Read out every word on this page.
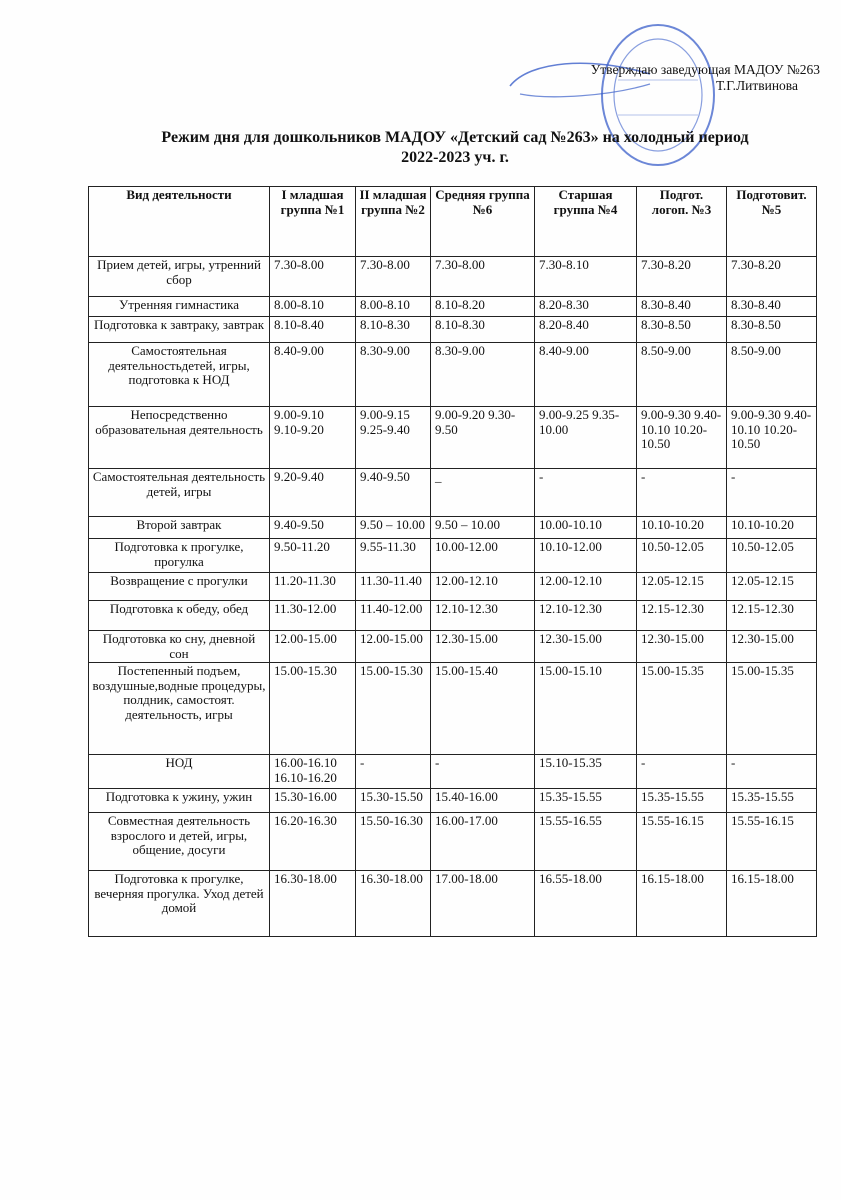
Утверждаю заведующая МАДОУ №263
Т.Г.Литвинова
Режим дня для дошкольников МАДОУ «Детский сад №263» на холодный период
2022-2023 уч. г.
Вид деятельности	I младшая группа №1	II младшая группа №2	Средняя группа №6	Старшая группа №4	Подгот. логоп. №3	Подготовит. №5
Прием детей, игры, утренний сбор	7.30-8.00	7.30-8.00	7.30-8.00	7.30-8.10	7.30-8.20	7.30-8.20
Утренняя гимнастика	8.00-8.10	8.00-8.10	8.10-8.20	8.20-8.30	8.30-8.40	8.30-8.40
Подготовка к завтраку, завтрак	8.10-8.40	8.10-8.30	8.10-8.30	8.20-8.40	8.30-8.50	8.30-8.50
Самостоятельная деятельностьдетей, игры, подготовка к НОД	8.40-9.00	8.30-9.00	8.30-9.00	8.40-9.00	8.50-9.00	8.50-9.00
Непосредственно образовательная деятельность	9.00-9.10 9.10-9.20	9.00-9.15 9.25-9.40	9.00-9.20 9.30-9.50	9.00-9.25 9.35-10.00	9.00-9.30 9.40-10.10 10.20-10.50	9.00-9.30 9.40-10.10 10.20-10.50
Самостоятельная деятельность детей, игры	9.20-9.40	9.40-9.50	_	-	-	-
Второй завтрак	9.40-9.50	9.50 – 10.00	9.50 – 10.00	10.00-10.10	10.10-10.20	10.10-10.20
Подготовка к прогулке, прогулка	9.50-11.20	9.55-11.30	10.00-12.00	10.10-12.00	10.50-12.05	10.50-12.05
Возвращение с прогулки	11.20-11.30	11.30-11.40	12.00-12.10	12.00-12.10	12.05-12.15	12.05-12.15
Подготовка к обеду, обед	11.30-12.00	11.40-12.00	12.10-12.30	12.10-12.30	12.15-12.30	12.15-12.30
Подготовка ко сну, дневной сон	12.00-15.00	12.00-15.00	12.30-15.00	12.30-15.00	12.30-15.00	12.30-15.00
Постепенный подъем, воздушные,водные процедуры, полдник, самостоят. деятельность, игры	15.00-15.30	15.00-15.30	15.00-15.40	15.00-15.10	15.00-15.35	15.00-15.35
НОД	16.00-16.10 16.10-16.20	-	-	15.10-15.35	-	-
Подготовка к ужину, ужин	15.30-16.00	15.30-15.50	15.40-16.00	15.35-15.55	15.35-15.55	15.35-15.55
Совместная деятельность взрослого и детей, игры, общение, досуги	16.20-16.30	15.50-16.30	16.00-17.00	15.55-16.55	15.55-16.15	15.55-16.15
Подготовка к прогулке, вечерняя прогулка. Уход детей домой	16.30-18.00	16.30-18.00	17.00-18.00	16.55-18.00	16.15-18.00	16.15-18.00
